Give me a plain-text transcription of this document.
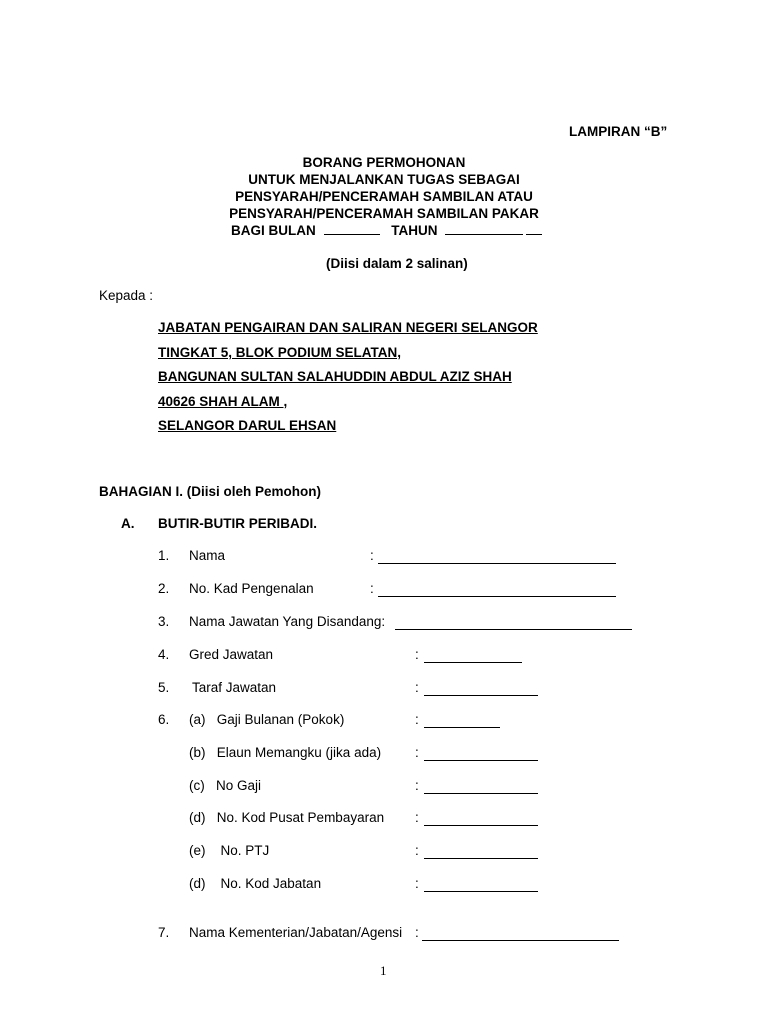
LAMPIRAN “B”
BORANG PERMOHONAN
UNTUK MENJALANKAN TUGAS SEBAGAI
PENSYARAH/PENCERAMAH SAMBILAN ATAU
PENSYARAH/PENCERAMAH SAMBILAN PAKAR
BAGI BULAN	TAHUN
(Diisi dalam 2 salinan)
Kepada :
JABATAN PENGAIRAN DAN SALIRAN NEGERI SELANGOR
TINGKAT 5, BLOK PODIUM SELATAN,
BANGUNAN SULTAN SALAHUDDIN ABDUL AZIZ SHAH
40626 SHAH ALAM ,
SELANGOR DARUL EHSAN
BAHAGIAN I. (Diisi oleh Pemohon)
A. BUTIR-BUTIR PERIBADI.
1. Nama	:
2. No. Kad Pengenalan	:
3. Nama Jawatan Yang Disandang:
4. Gred Jawatan	:
5. Taraf Jawatan	:
6. (a)   Gaji Bulanan (Pokok)	:
(b)   Elaun Memangku (jika ada)	:
(c)   No Gaji	:
(d)   No. Kod Pusat Pembayaran :
(e)    No. PTJ	:
(d)    No. Kod Jabatan	:
7. Nama Kementerian/Jabatan/Agensi :
1
